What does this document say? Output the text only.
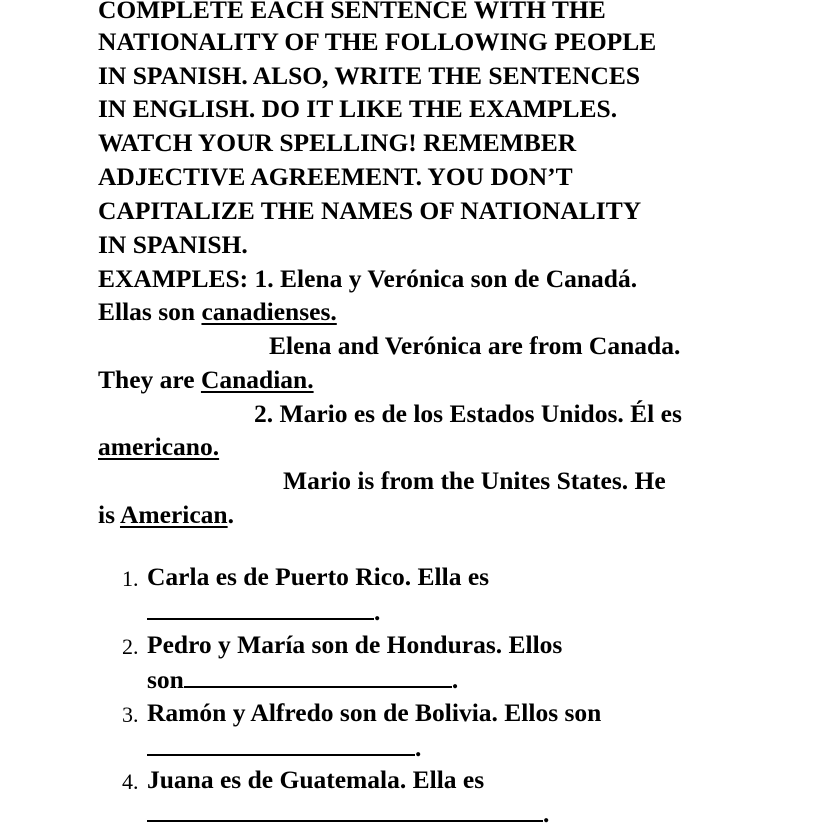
COMPLETE EACH SENTENCE WITH THE
NATIONALITY OF THE FOLLOWING PEOPLE
IN SPANISH. ALSO, WRITE THE SENTENCES
IN ENGLISH. DO IT LIKE THE EXAMPLES.
WATCH YOUR SPELLING! REMEMBER
ADJECTIVE AGREEMENT. YOU DON’T
CAPITALIZE THE NAMES OF NATIONALITY
IN SPANISH.
EXAMPLES: 1. Elena y Verónica son de Canadá.
Ellas son canadienses.
Elena and Verónica are from Canada.
They are Canadian.
2. Mario es de los Estados Unidos. Él es
americano.
Mario is from the Unites States. He
is American.
1. Carla es de Puerto Rico. Ella es
.
2. Pedro y María son de Honduras. Ellos
son	.
3. Ramón y Alfredo son de Bolivia. Ellos son
.
4. Juana es de Guatemala. Ella es
.
